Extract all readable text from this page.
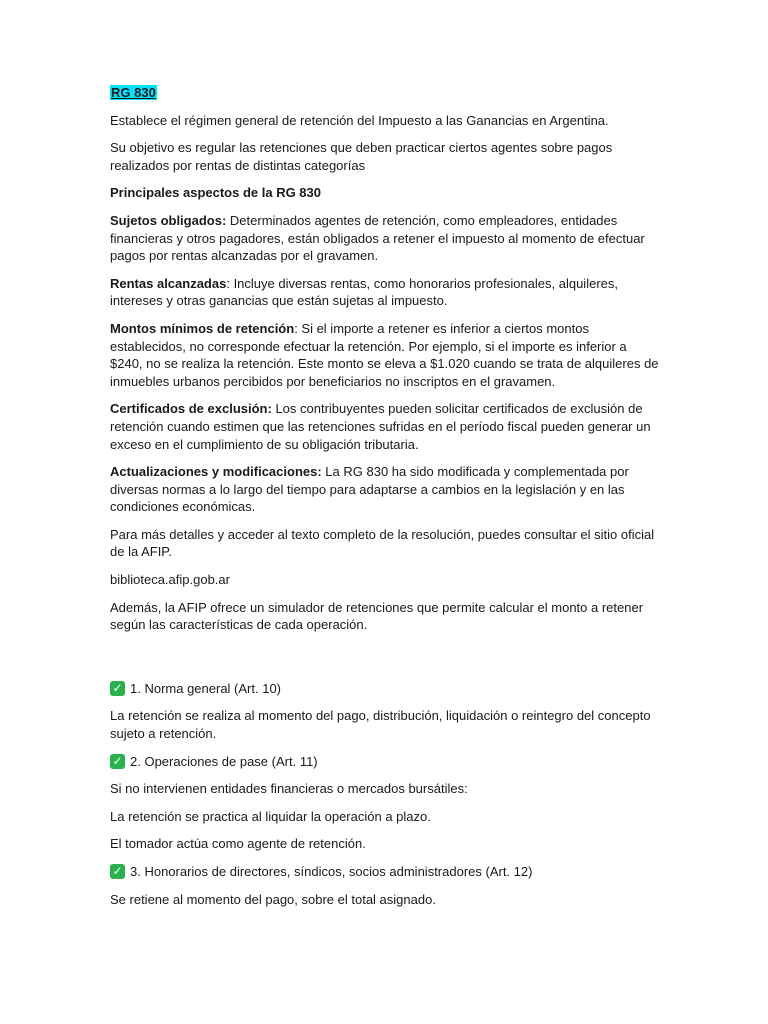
RG 830

Establece el régimen general de retención del Impuesto a las Ganancias en Argentina.

Su objetivo es regular las retenciones que deben practicar ciertos agentes sobre pagos realizados por rentas de distintas categorías

Principales aspectos de la RG 830

Sujetos obligados: Determinados agentes de retención, como empleadores, entidades financieras y otros pagadores, están obligados a retener el impuesto al momento de efectuar pagos por rentas alcanzadas por el gravamen.

Rentas alcanzadas: Incluye diversas rentas, como honorarios profesionales, alquileres, intereses y otras ganancias que están sujetas al impuesto.

Montos mínimos de retención: Si el importe a retener es inferior a ciertos montos establecidos, no corresponde efectuar la retención. Por ejemplo, si el importe es inferior a $240, no se realiza la retención. Este monto se eleva a $1.020 cuando se trata de alquileres de inmuebles urbanos percibidos por beneficiarios no inscriptos en el gravamen.

Certificados de exclusión: Los contribuyentes pueden solicitar certificados de exclusión de retención cuando estimen que las retenciones sufridas en el período fiscal pueden generar un exceso en el cumplimiento de su obligación tributaria.

Actualizaciones y modificaciones: La RG 830 ha sido modificada y complementada por diversas normas a lo largo del tiempo para adaptarse a cambios en la legislación y en las condiciones económicas.

Para más detalles y acceder al texto completo de la resolución, puedes consultar el sitio oficial de la AFIP.

biblioteca.afip.gob.ar

Además, la AFIP ofrece un simulador de retenciones que permite calcular el monto a retener según las características de cada operación.

✓ 1. Norma general (Art. 10)

La retención se realiza al momento del pago, distribución, liquidación o reintegro del concepto sujeto a retención.

✓ 2. Operaciones de pase (Art. 11)

Si no intervienen entidades financieras o mercados bursátiles:

La retención se practica al liquidar la operación a plazo.

El tomador actúa como agente de retención.

✓ 3. Honorarios de directores, síndicos, socios administradores (Art. 12)

Se retiene al momento del pago, sobre el total asignado.
